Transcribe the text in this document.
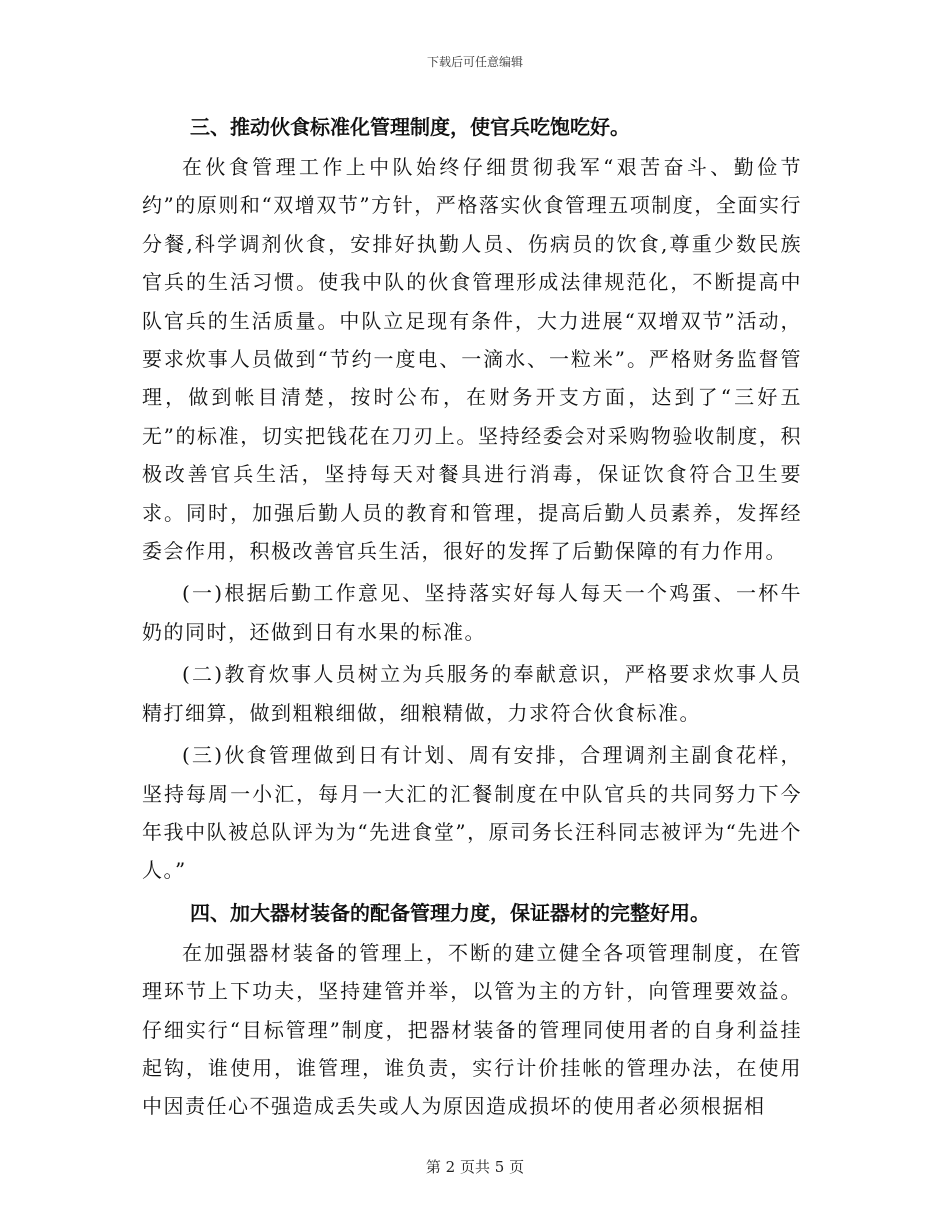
下载后可任意编辑
三、推动伙食标准化管理制度，使官兵吃饱吃好。

在伙食管理工作上中队始终仔细贯彻我军“艰苦奋斗、勤俭节约”的原则和“双增双节”方针，严格落实伙食管理五项制度，全面实行分餐,科学调剂伙食，安排好执勤人员、伤病员的饮食,尊重少数民族官兵的生活习惯。使我中队的伙食管理形成法律规范化，不断提高中队官兵的生活质量。中队立足现有条件，大力进展“双增双节”活动，要求炊事人员做到“节约一度电、一滴水、一粒米”。严格财务监督管理，做到帐目清楚，按时公布，在财务开支方面，达到了“三好五无”的标准，切实把钱花在刀刃上。坚持经委会对采购物验收制度，积极改善官兵生活，坚持每天对餐具进行消毒，保证饮食符合卫生要求。同时，加强后勤人员的教育和管理，提高后勤人员素养，发挥经委会作用，积极改善官兵生活，很好的发挥了后勤保障的有力作用。

(一)根据后勤工作意见、坚持落实好每人每天一个鸡蛋、一杯牛奶的同时，还做到日有水果的标准。

(二)教育炊事人员树立为兵服务的奉献意识，严格要求炊事人员精打细算，做到粗粮细做，细粮精做，力求符合伙食标准。

(三)伙食管理做到日有计划、周有安排，合理调剂主副食花样，坚持每周一小汇，每月一大汇的汇餐制度在中队官兵的共同努力下今年我中队被总队评为为“先进食堂”，原司务长汪科同志被评为“先进个人。”

四、加大器材装备的配备管理力度，保证器材的完整好用。

在加强器材装备的管理上，不断的建立健全各项管理制度，在管理环节上下功夫，坚持建管并举，以管为主的方针，向管理要效益。仔细实行“目标管理”制度，把器材装备的管理同使用者的自身利益挂起钩，谁使用，谁管理，谁负责，实行计价挂帐的管理办法，在使用中因责任心不强造成丢失或人为原因造成损坏的使用者必须根据相

第 2 页共 5 页
